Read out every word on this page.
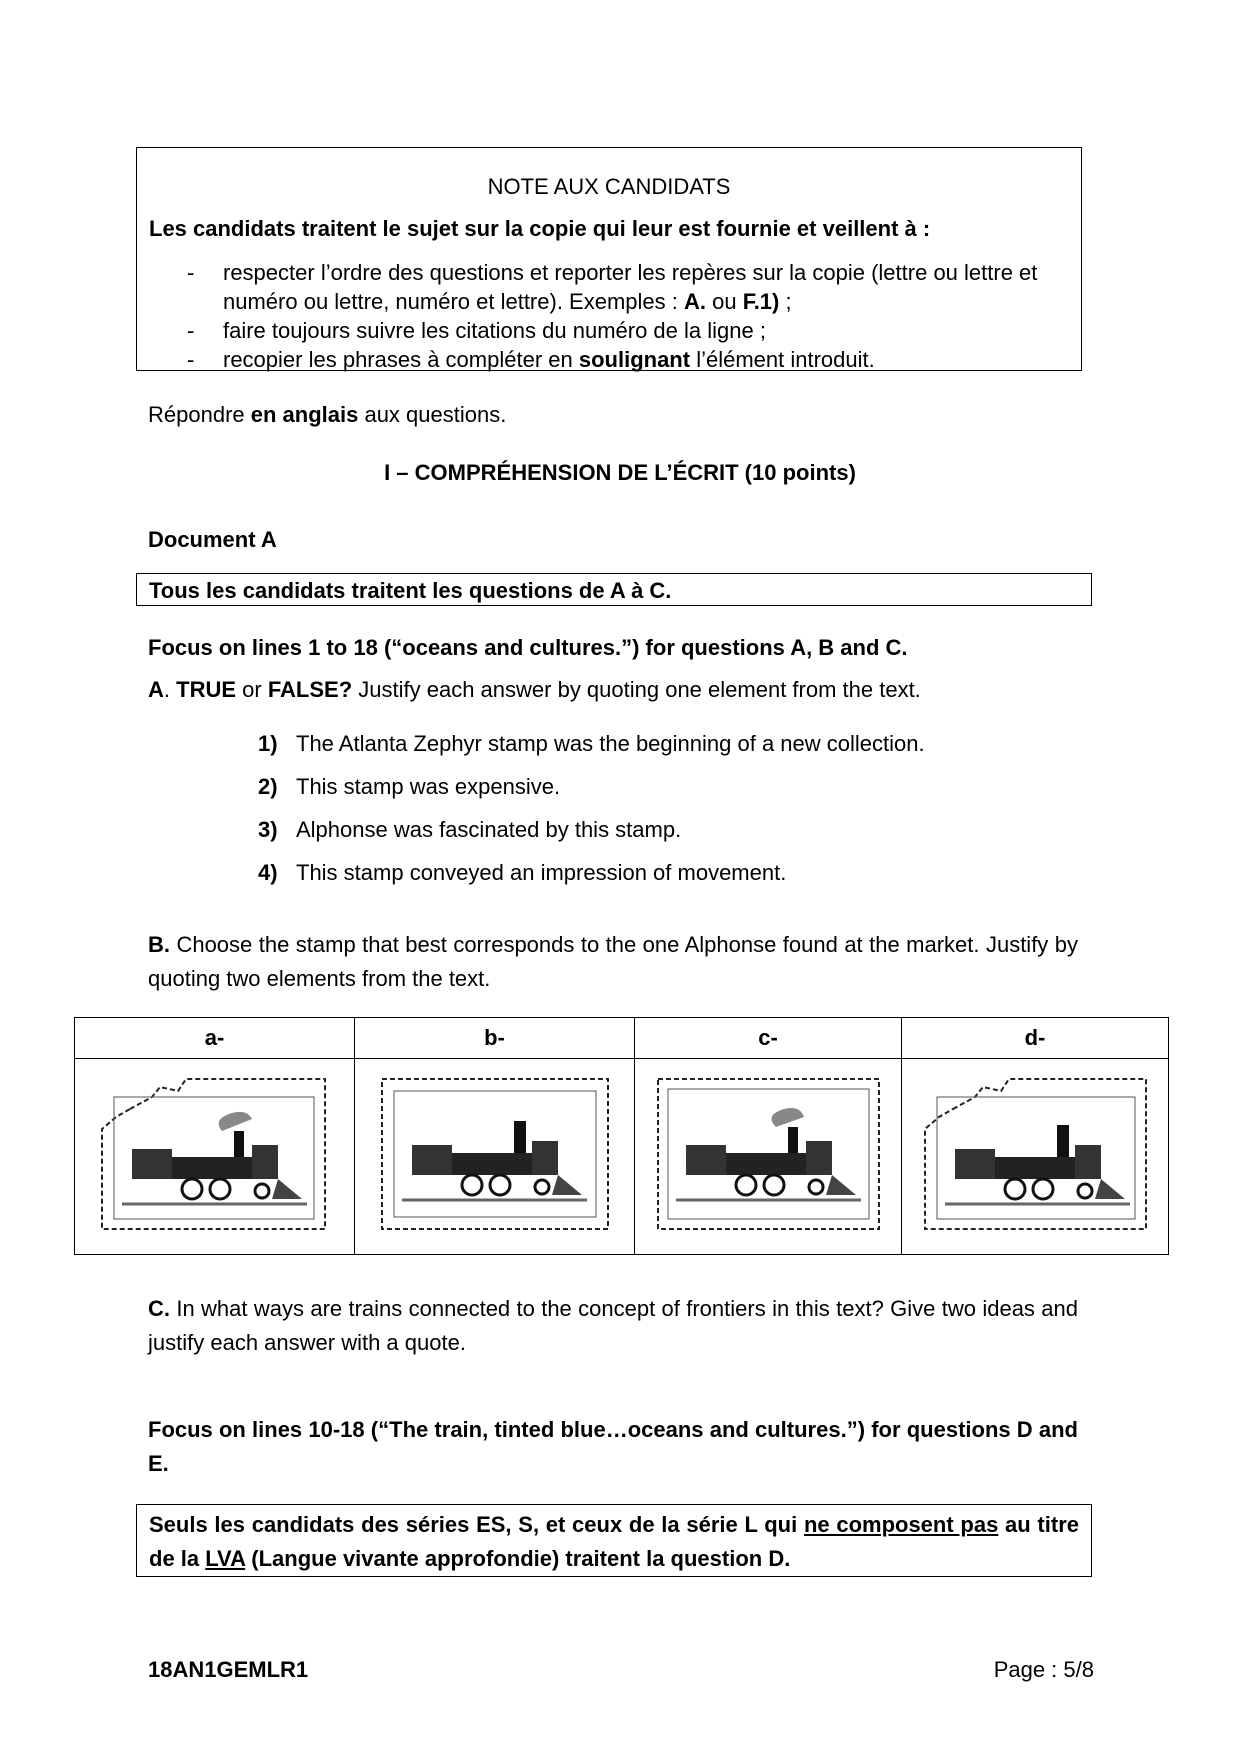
NOTE AUX CANDIDATS
Les candidats traitent le sujet sur la copie qui leur est fournie et veillent à :
- respecter l’ordre des questions et reporter les repères sur la copie (lettre ou lettre et numéro ou lettre, numéro et lettre). Exemples : A. ou F.1) ;
- faire toujours suivre les citations du numéro de la ligne ;
- recopier les phrases à compléter en soulignant l’élément introduit.
Répondre en anglais aux questions.
I – COMPRÉHENSION DE L’ÉCRIT (10 points)
Document A
Tous les candidats traitent les questions de A à C.
Focus on lines 1 to 18 (“oceans and cultures.”) for questions A, B and C.
A. TRUE or FALSE? Justify each answer by quoting one element from the text.
1) The Atlanta Zephyr stamp was the beginning of a new collection.
2) This stamp was expensive.
3) Alphonse was fascinated by this stamp.
4) This stamp conveyed an impression of movement.
B. Choose the stamp that best corresponds to the one Alphonse found at the market. Justify by quoting two elements from the text.
a-	b-	c-	d-

C. In what ways are trains connected to the concept of frontiers in this text? Give two ideas and justify each answer with a quote.
Focus on lines 10-18 (“The train, tinted blue…oceans and cultures.”) for questions D and E.
Seuls les candidats des séries ES, S, et ceux de la série L qui ne composent pas au titre de la LVA (Langue vivante approfondie) traitent la question D.
18AN1GEMLR1	Page : 5/8
